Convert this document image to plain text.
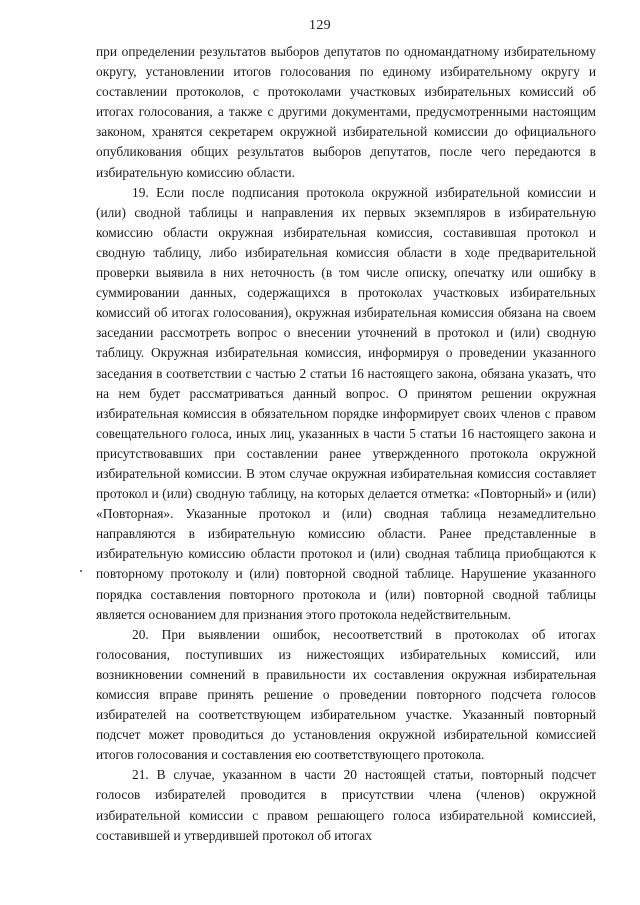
129

при определении результатов выборов депутатов по одномандатному избирательному округу, установлении итогов голосования по единому избирательному округу и составлении протоколов, с протоколами участковых избирательных комиссий об итогах голосования, а также с другими документами, предусмотренными настоящим законом, хранятся секретарем окружной избирательной комиссии до официального опубликования общих результатов выборов депутатов, после чего передаются в избирательную комиссию области.

19. Если после подписания протокола окружной избирательной комиссии и (или) сводной таблицы и направления их первых экземпляров в избирательную комиссию области окружная избирательная комиссия, составившая протокол и сводную таблицу, либо избирательная комиссия области в ходе предварительной проверки выявила в них неточность (в том числе описку, опечатку или ошибку в суммировании данных, содержащихся в протоколах участковых избирательных комиссий об итогах голосования), окружная избирательная комиссия обязана на своем заседании рассмотреть вопрос о внесении уточнений в протокол и (или) сводную таблицу. Окружная избирательная комиссия, информируя о проведении указанного заседания в соответствии с частью 2 статьи 16 настоящего закона, обязана указать, что на нем будет рассматриваться данный вопрос. О принятом решении окружная избирательная комиссия в обязательном порядке информирует своих членов с правом совещательного голоса, иных лиц, указанных в части 5 статьи 16 настоящего закона и присутствовавших при составлении ранее утвержденного протокола окружной избирательной комиссии. В этом случае окружная избирательная комиссия составляет протокол и (или) сводную таблицу, на которых делается отметка: «Повторный» и (или) «Повторная». Указанные протокол и (или) сводная таблица незамедлительно направляются в избирательную комиссию области. Ранее представленные в избирательную комиссию области протокол и (или) сводная таблица приобщаются к повторному протоколу и (или) повторной сводной таблице. Нарушение указанного порядка составления повторного протокола и (или) повторной сводной таблицы является основанием для признания этого протокола недействительным.

20. При выявлении ошибок, несоответствий в протоколах об итогах голосования, поступивших из нижестоящих избирательных комиссий, или возникновении сомнений в правильности их составления окружная избирательная комиссия вправе принять решение о проведении повторного подсчета голосов избирателей на соответствующем избирательном участке. Указанный повторный подсчет может проводиться до установления окружной избирательной комиссией итогов голосования и составления ею соответствующего протокола.

21. В случае, указанном в части 20 настоящей статьи, повторный подсчет голосов избирателей проводится в присутствии члена (членов) окружной избирательной комиссии с правом решающего голоса избирательной комиссией, составившей и утвердившей протокол об итогах
